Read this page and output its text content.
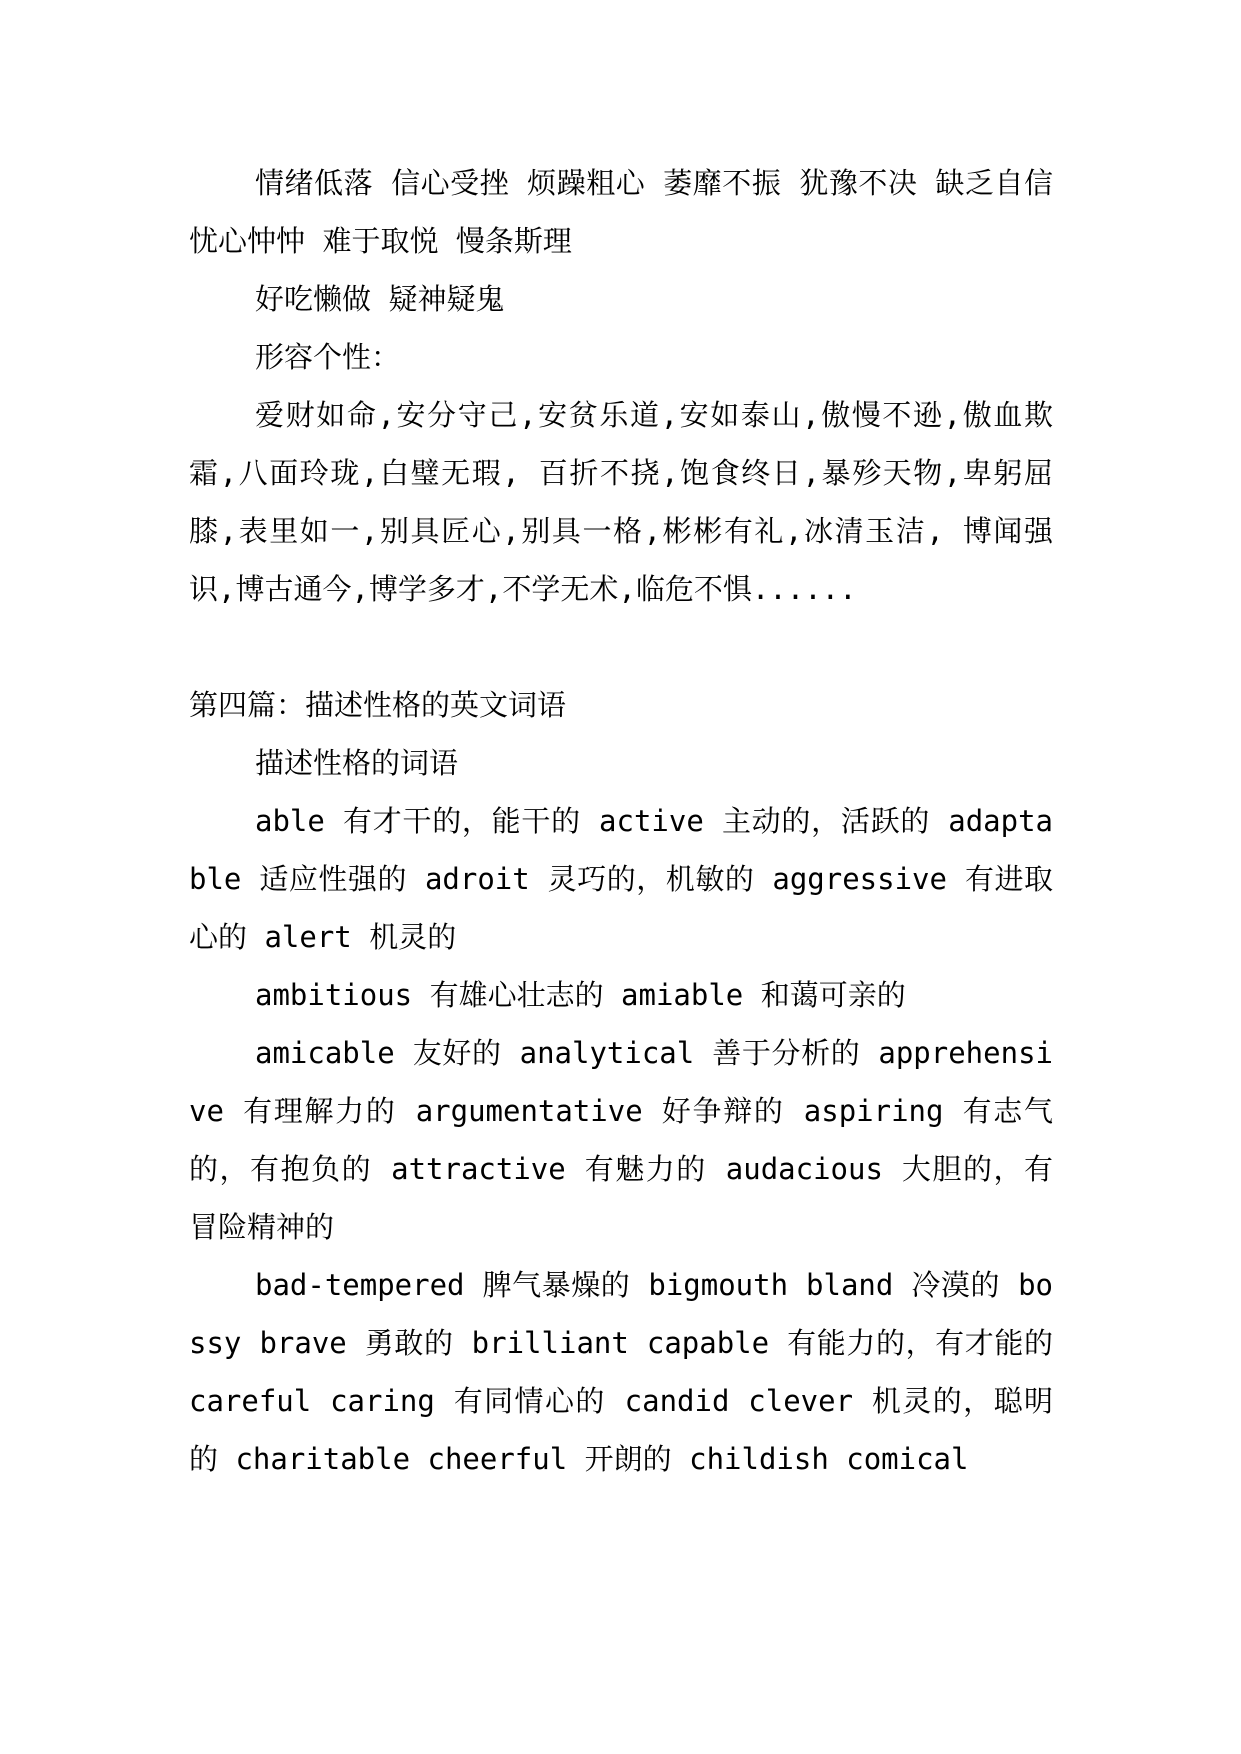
情绪低落 信心受挫 烦躁粗心 萎靡不振 犹豫不决 缺乏自信 忧心忡忡 难于取悦 慢条斯理

好吃懒做 疑神疑鬼

形容个性：

爱财如命,安分守己,安贫乐道,安如泰山,傲慢不逊,傲血欺霜,八面玲珑,白璧无瑕, 百折不挠,饱食终日,暴殄天物,卑躬屈膝,表里如一,别具匠心,别具一格,彬彬有礼,冰清玉洁, 博闻强识,博古通今,博学多才,不学无术,临危不惧......

第四篇：描述性格的英文词语

描述性格的词语

able 有才干的，能干的 active 主动的，活跃的 adaptable 适应性强的 adroit 灵巧的，机敏的 aggressive 有进取心的 alert 机灵的

ambitious 有雄心壮志的 amiable 和蔼可亲的

amicable 友好的 analytical 善于分析的 apprehensive 有理解力的 argumentative 好争辩的 aspiring 有志气的，有抱负的 attractive 有魅力的 audacious 大胆的，有冒险精神的

bad-tempered 脾气暴燥的 bigmouth bland 冷漠的 bossy brave 勇敢的 brilliant capable 有能力的，有才能的 careful caring 有同情心的 candid clever 机灵的，聪明的 charitable cheerful 开朗的 childish comical
